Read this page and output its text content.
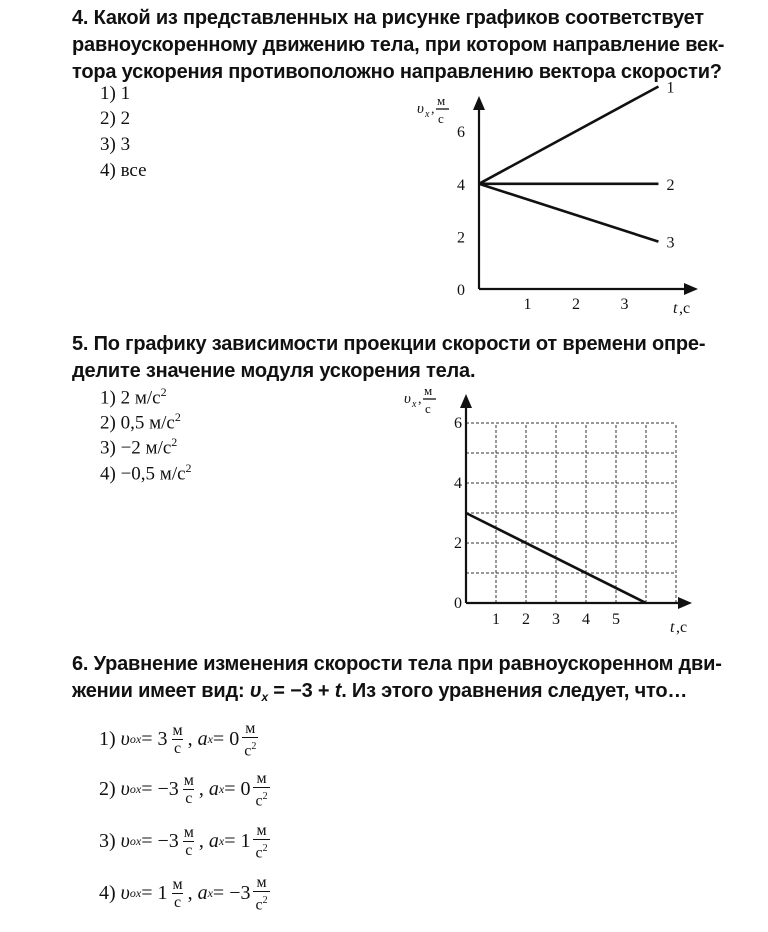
4. Какой из представленных на рисунке графиков соответствует
равноускоренному движению тела, при котором направление век-
тора ускорения противоположно направлению вектора скорости?
1) 1
2) 2
3) 3
4) все
υ x ,
м
с
0
2
4
6
1	2	3	t ,c
1
2
3
5. По графику зависимости проекции скорости от времени опре-
делите значение модуля ускорения тела.
1) 2 $м/с^2$
2) 0,5 $м/с^2$
3) −2 $м/с^2$
4) −0,5 $м/с^2$
υ x ,
м
с
0
2
4
6
1 2 3 4 5	t ,c
6. Уравнение изменения скорости тела при равноускоренном дви-
жении имеет вид: $\upsilon_x = -3 + t$. Из этого уравнения следует, что…
1)
υ ox = $3 \frac{м}{с}$ , a $x = 0 \frac{м}{с^2}$
2)
υ ox = $-3 \frac{м}{с}$ , a $x = 0 \frac{м}{с^2}$
3)
υ ox = $-3 \frac{м}{с}$ , a $x = 1 \frac{м}{с^2}$
4)
υ ox = $1 \frac{м}{с}$ , a $x = -3 \frac{м}{с^2}$
